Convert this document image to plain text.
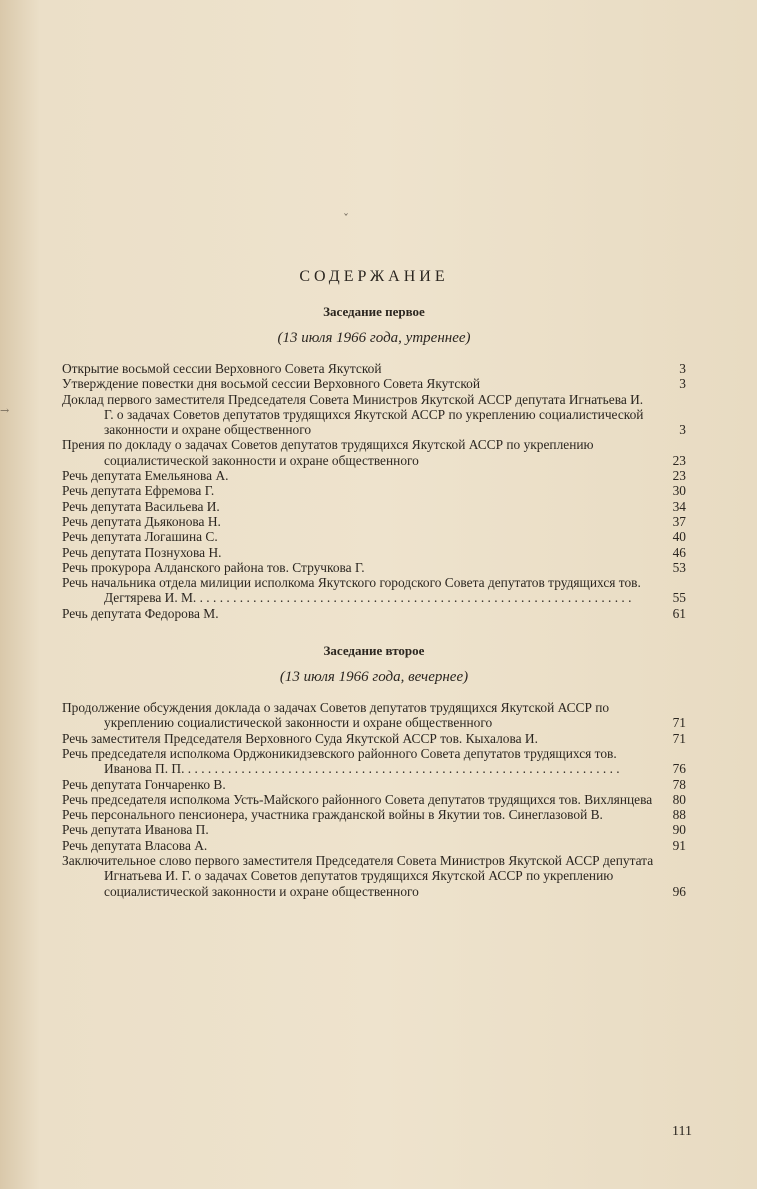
ˇ
→
СОДЕРЖАНИЕ
Заседание первое
(13 июля 1966 года, утреннее)
Открытие восьмой сессии Верховного Совета Якутской . . .	3
Утверждение повестки дня восьмой сессии Верховного Совета Якутской . . .	3
Доклад первого заместителя Председателя Совета Министров Якутской АССР депутата Игнатьева И. Г. о задачах Советов депутатов трудящихся Якутской АССР по укреплению социалистической законности и охране общественного . . .	3
Прения по докладу о задачах Советов депутатов трудящихся Якутской АССР по укреплению социалистической законности и охране общественного . . .	23
Речь депутата Емельянова А. . . .	23
Речь депутата Ефремова Г. . . .	30
Речь депутата Васильева И. . . .	34
Речь депутата Дьяконова Н. . . .	37
Речь депутата Логашина С. . . .	40
Речь депутата Познухова Н. . . .	46
Речь прокурора Алданского района тов. Стручкова Г. . . .	53
Речь начальника отдела милиции исполкома Якутского городского Совета депутатов трудящихся тов. Дегтярева И. М. . . .	55
Речь депутата Федорова М. . . .	61
Заседание второе
(13 июля 1966 года, вечернее)
Продолжение обсуждения доклада о задачах Советов депутатов трудящихся Якутской АССР по укреплению социалистической законности и охране общественного . . .	71
Речь заместителя Председателя Верховного Суда Якутской АССР тов. Кыхалова И. . . .	71
Речь председателя исполкома Орджоникидзевского районного Совета депутатов трудящихся тов. Иванова П. П. . . .	76
Речь депутата Гончаренко В. . . .	78
Речь председателя исполкома Усть-Майского районного Совета депутатов трудящихся тов. Вихлянцева . . .	80
Речь персонального пенсионера, участника гражданской войны в Якутии тов. Синеглазовой В. . . .	88
Речь депутата Иванова П. . . .	90
Речь депутата Власова А. . . .	91
Заключительное слово первого заместителя Председателя Совета Министров Якутской АССР депутата Игнатьева И. Г. о задачах Советов депутатов трудящихся Якутской АССР по укреплению социалистической законности и охране общественного . . .	96
111
